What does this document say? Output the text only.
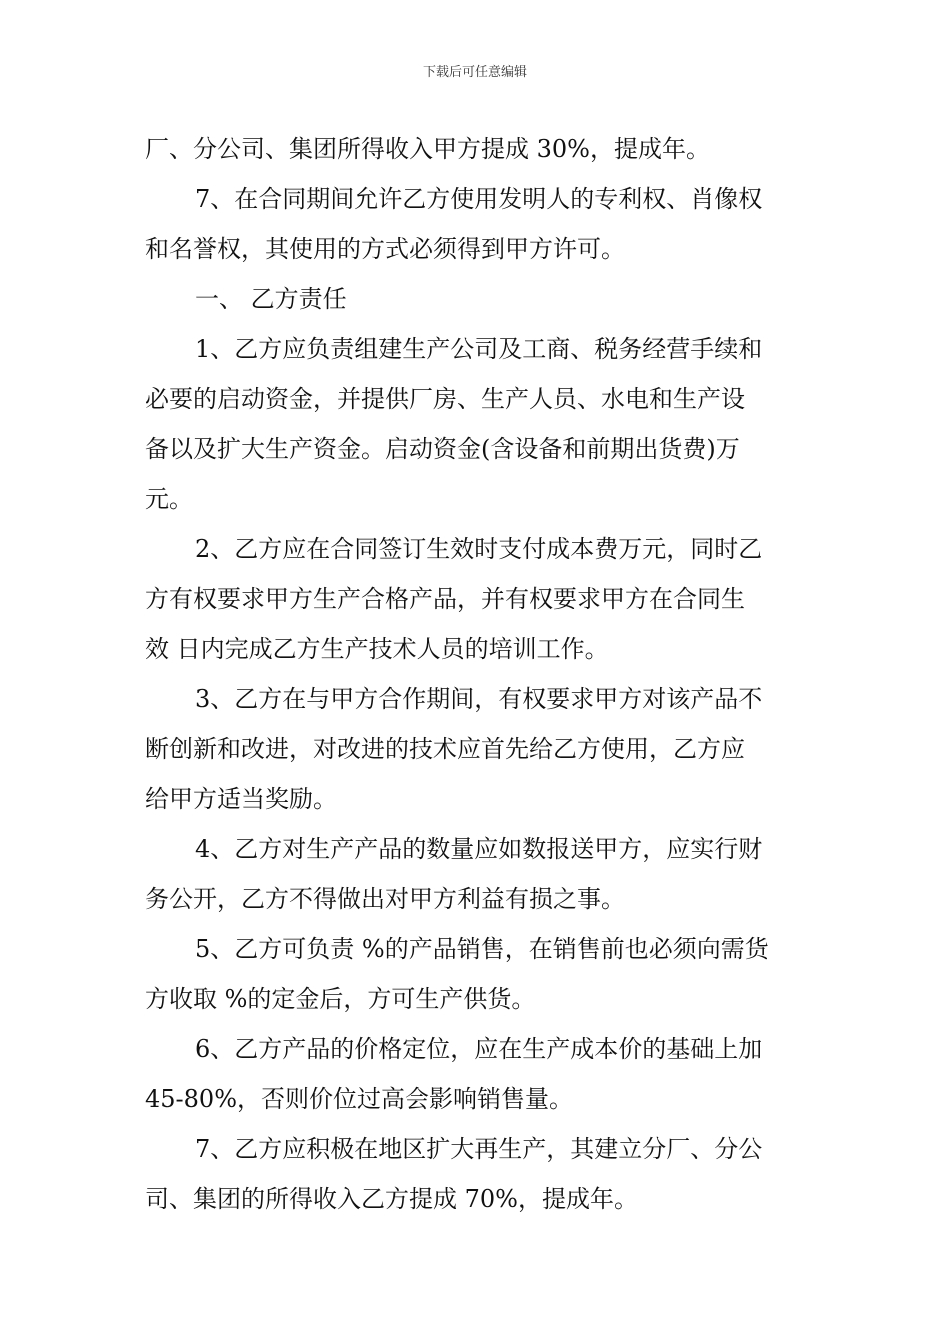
下载后可任意编辑
厂、分公司、集团所得收入甲方提成 30%，提成年。
7、在合同期间允许乙方使用发明人的专利权、肖像权
和名誉权，其使用的方式必须得到甲方许可。
一、 乙方责任
1、乙方应负责组建生产公司及工商、税务经营手续和
必要的启动资金，并提供厂房、生产人员、水电和生产设
备以及扩大生产资金。启动资金(含设备和前期出货费)万
元。
2、乙方应在合同签订生效时支付成本费万元，同时乙
方有权要求甲方生产合格产品，并有权要求甲方在合同生
效 日内完成乙方生产技术人员的培训工作。
3、乙方在与甲方合作期间，有权要求甲方对该产品不
断创新和改进，对改进的技术应首先给乙方使用，乙方应
给甲方适当奖励。
4、乙方对生产产品的数量应如数报送甲方，应实行财
务公开，乙方不得做出对甲方利益有损之事。
5、乙方可负责 %的产品销售，在销售前也必须向需货
方收取 %的定金后，方可生产供货。
6、乙方产品的价格定位，应在生产成本价的基础上加
45-80%，否则价位过高会影响销售量。
7、乙方应积极在地区扩大再生产，其建立分厂、分公
司、集团的所得收入乙方提成 70%，提成年。
